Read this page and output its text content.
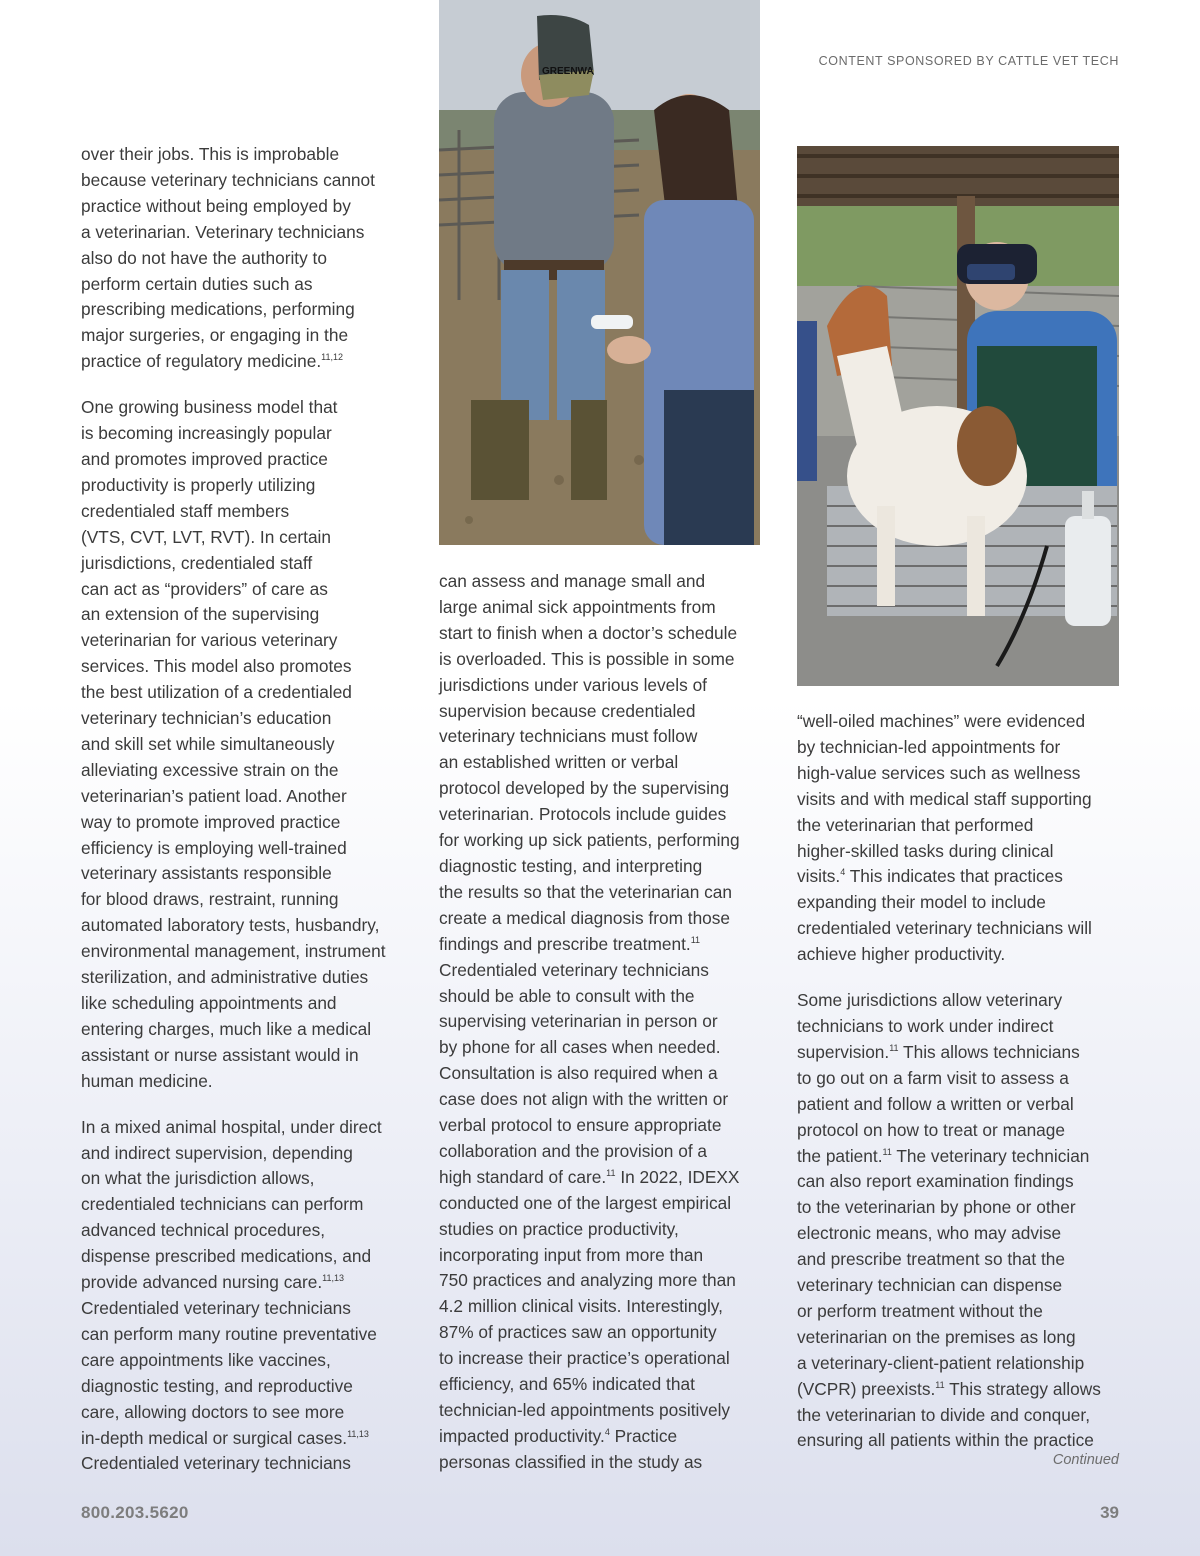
CONTENT SPONSORED BY CATTLE VET TECH
GREENWA

over their jobs. This is improbable
because veterinary technicians cannot
practice without being employed by
a veterinarian. Veterinary technicians
also do not have the authority to
perform certain duties such as
prescribing medications, performing
major surgeries, or engaging in the
practice of regulatory medicine.$^{11,12}$

One growing business model that
is becoming increasingly popular
and promotes improved practice
productivity is properly utilizing
credentialed staff members
(VTS, CVT, LVT, RVT). In certain
jurisdictions, credentialed staff
can act as “providers” of care as
an extension of the supervising
veterinarian for various veterinary
services. This model also promotes
the best utilization of a credentialed
veterinary technician’s education
and skill set while simultaneously
alleviating excessive strain on the
veterinarian’s patient load. Another
way to promote improved practice
efficiency is employing well-trained
veterinary assistants responsible
for blood draws, restraint, running
automated laboratory tests, husbandry,
environmental management, instrument
sterilization, and administrative duties
like scheduling appointments and
entering charges, much like a medical
assistant or nurse assistant would in
human medicine.

In a mixed animal hospital, under direct
and indirect supervision, depending
on what the jurisdiction allows,
credentialed technicians can perform
advanced technical procedures,
dispense prescribed medications, and
provide advanced nursing care.$^{11,13}$
Credentialed veterinary technicians
can perform many routine preventative
care appointments like vaccines,
diagnostic testing, and reproductive
care, allowing doctors to see more
in-depth medical or surgical cases.$^{11,13}$
Credentialed veterinary technicians

can assess and manage small and
large animal sick appointments from
start to finish when a doctor’s schedule
is overloaded. This is possible in some
jurisdictions under various levels of
supervision because credentialed
veterinary technicians must follow
an established written or verbal
protocol developed by the supervising
veterinarian. Protocols include guides
for working up sick patients, performing
diagnostic testing, and interpreting
the results so that the veterinarian can
create a medical diagnosis from those
findings and prescribe treatment.$^{11}$
Credentialed veterinary technicians
should be able to consult with the
supervising veterinarian in person or
by phone for all cases when needed.
Consultation is also required when a
case does not align with the written or
verbal protocol to ensure appropriate
collaboration and the provision of a
high standard of care.$^{11}$ In 2022, IDEXX
conducted one of the largest empirical
studies on practice productivity,
incorporating input from more than
750 practices and analyzing more than
4.2 million clinical visits. Interestingly,
87% of practices saw an opportunity
to increase their practice’s operational
efficiency, and 65% indicated that
technician-led appointments positively
impacted productivity.$^4$ Practice
personas classified in the study as

“well-oiled machines” were evidenced
by technician-led appointments for
high-value services such as wellness
visits and with medical staff supporting
the veterinarian that performed
higher-skilled tasks during clinical
visits.$^4$ This indicates that practices
expanding their model to include
credentialed veterinary technicians will
achieve higher productivity.

Some jurisdictions allow veterinary
technicians to work under indirect
supervision.$^{11}$ This allows technicians
to go out on a farm visit to assess a
patient and follow a written or verbal
protocol on how to treat or manage
the patient.$^{11}$ The veterinary technician
can also report examination findings
to the veterinarian by phone or other
electronic means, who may advise
and prescribe treatment so that the
veterinary technician can dispense
or perform treatment without the
veterinarian on the premises as long
a veterinary-client-patient relationship
(VCPR) preexists.$^{11}$ This strategy allows
the veterinarian to divide and conquer,
ensuring all patients within the practice

Continued
800.203.5620	39
